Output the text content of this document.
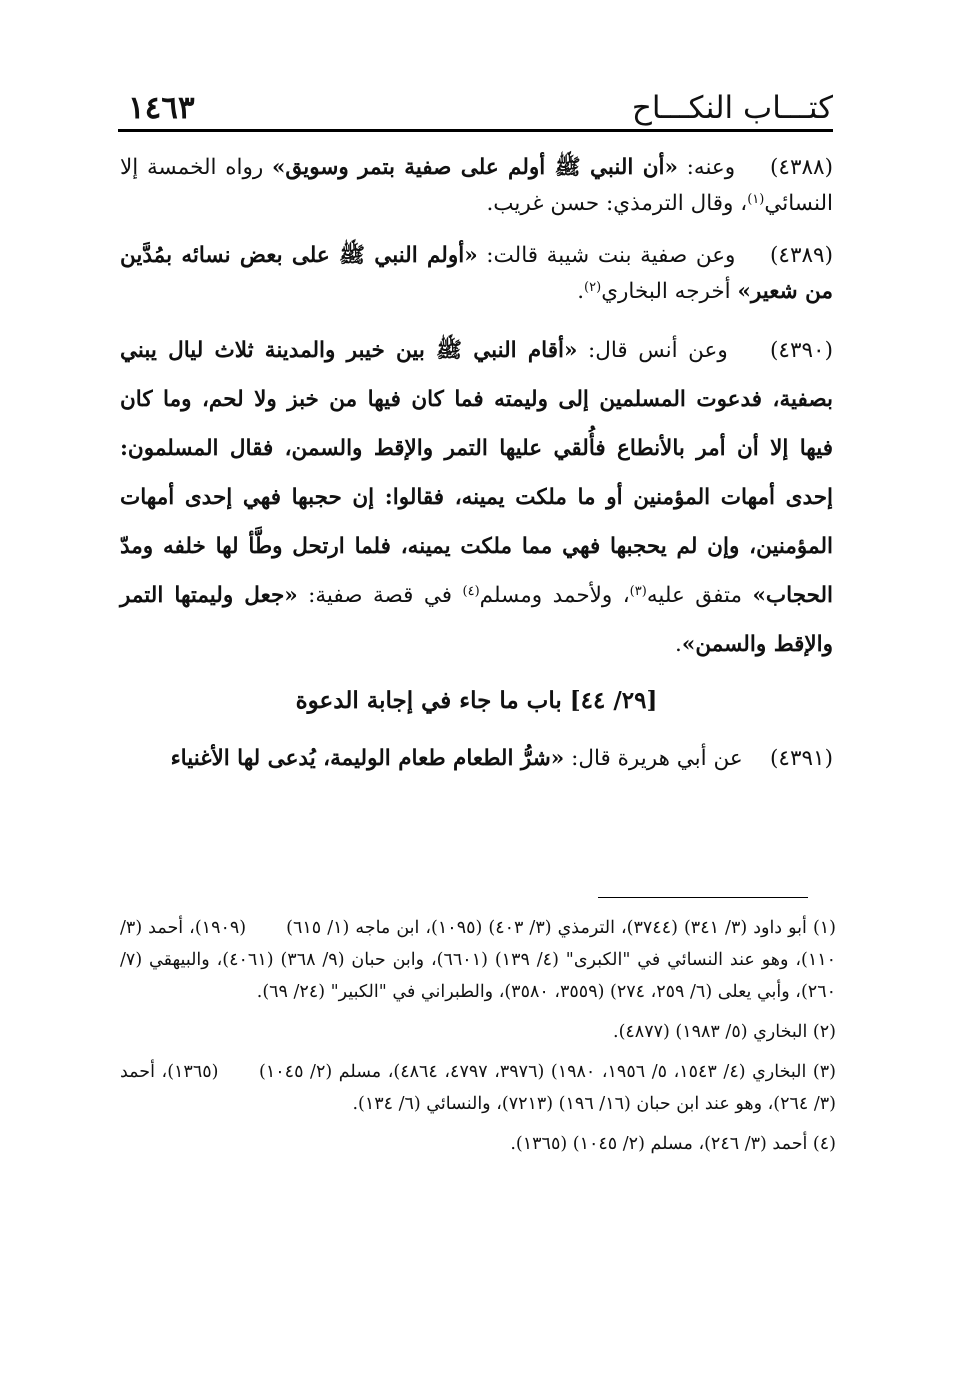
كتـــاب النكـــاح
١٤٦٣

(٤٣٨٨)    وعنه: «أن النبي ﷺ أولم على صفية بتمر وسويق» رواه الخمسة إلا النسائي$^{(١)}$، وقال الترمذي: حسن غريب.

(٤٣٨٩)    وعن صفية بنت شيبة قالت: «أولم النبي ﷺ على بعض نسائه بمُدَّين من شعير» أخرجه البخاري$^{(٢)}$.

(٤٣٩٠)    وعن أنس قال: «أقام النبي ﷺ بين خيبر والمدينة ثلاث ليال يبني بصفية، فدعوت المسلمين إلى وليمته فما كان فيها من خبز ولا لحم، وما كان فيها إلا أن أمر بالأنطاع فأُلقي عليها التمر والإقط والسمن، فقال المسلمون: إحدى أمهات المؤمنين أو ما ملكت يمينه، فقالوا: إن حجبها فهي إحدى أمهات المؤمنين، وإن لم يحجبها فهي مما ملكت يمينه، فلما ارتحل وطَّأ لها خلفه ومدّ الحجاب» متفق عليه$^{(٣)}$، ولأحمد ومسلم$^{(٤)}$ في قصة صفية: «جعل وليمتها التمر والإقط والسمن».

[٢٩/ ٤٤] باب ما جاء في إجابة الدعوة

(٤٣٩١)    عن أبي هريرة قال: «شرُّ الطعام طعام الوليمة، يُدعى لها الأغنياء

(١) أبو داود (٣/ ٣٤١) (٣٧٤٤)، الترمذي (٣/ ٤٠٣) (١٠٩٥)، ابن ماجه (١/ ٦١٥) (١٩٠٩)، أحمد (٣/ ١١٠)، وهو عند النسائي في "الكبرى" (٤/ ١٣٩) (٦٦٠١)، وابن حبان (٩/ ٣٦٨) (٤٠٦١)، والبيهقي (٧/ ٢٦٠)، وأبي يعلى (٦/ ٢٥٩، ٢٧٤) (٣٥٥٩، ٣٥٨٠)، والطبراني في "الكبير" (٢٤/ ٦٩).

(٢) البخاري (٥/ ١٩٨٣) (٤٨٧٧).

(٣) البخاري (٤/ ١٥٤٣، ٥/ ١٩٥٦، ١٩٨٠) (٣٩٧٦، ٤٧٩٧، ٤٨٦٤)، مسلم (٢/ ١٠٤٥) (١٣٦٥)، أحمد (٣/ ٢٦٤)، وهو عند ابن حبان (١٦/ ١٩٦) (٧٢١٣)، والنسائي (٦/ ١٣٤).

(٤) أحمد (٣/ ٢٤٦)، مسلم (٢/ ١٠٤٥) (١٣٦٥).
